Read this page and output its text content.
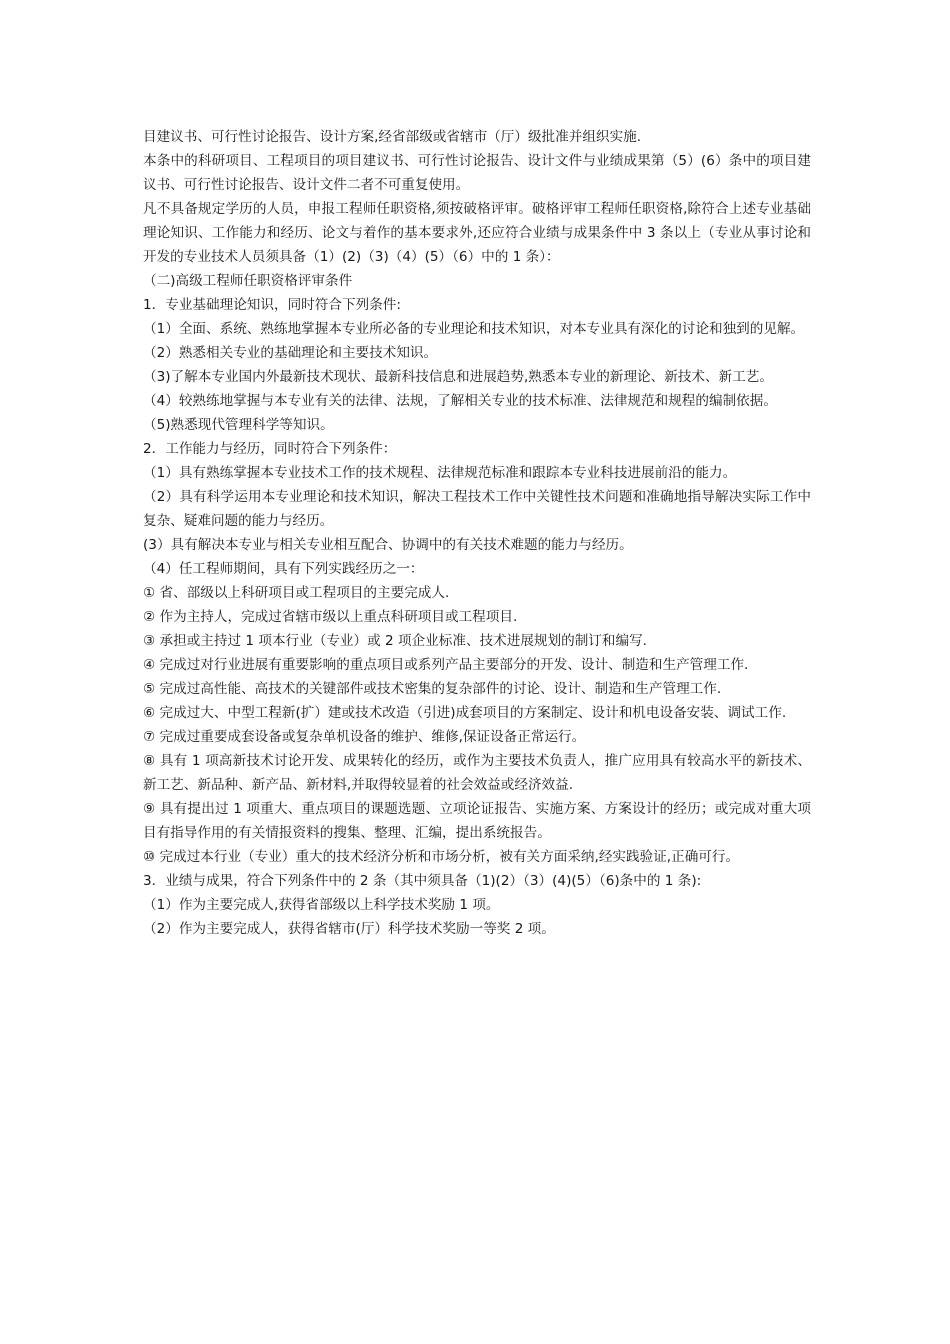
目建议书、可行性讨论报告、设计方案,经省部级或省辖市（厅）级批准并组织实施.

本条中的科研项目、工程项目的项目建议书、可行性讨论报告、设计文件与业绩成果第（5）(6）条中的项目建议书、可行性讨论报告、设计文件二者不可重复使用。

凡不具备规定学历的人员，申报工程师任职资格,须按破格评审。破格评审工程师任职资格,除符合上述专业基础理论知识、工作能力和经历、论文与着作的基本要求外,还应符合业绩与成果条件中 3 条以上（专业从事讨论和开发的专业技术人员须具备（1）(2)（3)（4）(5）（6）中的 1 条）：

（二)高级工程师任职资格评审条件

1．专业基础理论知识，同时符合下列条件:

（1）全面、系统、熟练地掌握本专业所必备的专业理论和技术知识，对本专业具有深化的讨论和独到的见解。

（2）熟悉相关专业的基础理论和主要技术知识。

（3)了解本专业国内外最新技术现状、最新科技信息和进展趋势,熟悉本专业的新理论、新技术、新工艺。

（4）较熟练地掌握与本专业有关的法律、法规，了解相关专业的技术标准、法律规范和规程的编制依据。

（5)熟悉现代管理科学等知识。

2．工作能力与经历，同时符合下列条件：

（1）具有熟练掌握本专业技术工作的技术规程、法律规范标准和跟踪本专业科技进展前沿的能力。

（2）具有科学运用本专业理论和技术知识，解决工程技术工作中关键性技术问题和准确地指导解决实际工作中复杂、疑难问题的能力与经历。

(3）具有解决本专业与相关专业相互配合、协调中的有关技术难题的能力与经历。

（4）任工程师期间，具有下列实践经历之一：

① 省、部级以上科研项目或工程项目的主要完成人.

② 作为主持人，完成过省辖市级以上重点科研项目或工程项目.

③ 承担或主持过 1 项本行业（专业）或 2 项企业标准、技术进展规划的制订和编写.

④ 完成过对行业进展有重要影响的重点项目或系列产品主要部分的开发、设计、制造和生产管理工作.

⑤ 完成过高性能、高技术的关键部件或技术密集的复杂部件的讨论、设计、制造和生产管理工作.

⑥ 完成过大、中型工程新(扩）建或技术改造（引进)成套项目的方案制定、设计和机电设备安装、调试工作.

⑦ 完成过重要成套设备或复杂单机设备的维护、维修,保证设备正常运行。

⑧ 具有 1 项高新技术讨论开发、成果转化的经历，或作为主要技术负责人，推广应用具有较高水平的新技术、新工艺、新品种、新产品、新材料,并取得较显着的社会效益或经济效益.

⑨ 具有提出过 1 项重大、重点项目的课题选题、立项论证报告、实施方案、方案设计的经历；或完成对重大项目有指导作用的有关情报资料的搜集、整理、汇编，提出系统报告。

⑩ 完成过本行业（专业）重大的技术经济分析和市场分析，被有关方面采纳,经实践验证,正确可行。

3．业绩与成果，符合下列条件中的 2 条（其中须具备（1)(2）（3）(4)(5）（6)条中的 1 条):

（1）作为主要完成人,获得省部级以上科学技术奖励 1 项。

（2）作为主要完成人，获得省辖市(厅）科学技术奖励一等奖 2 项。
